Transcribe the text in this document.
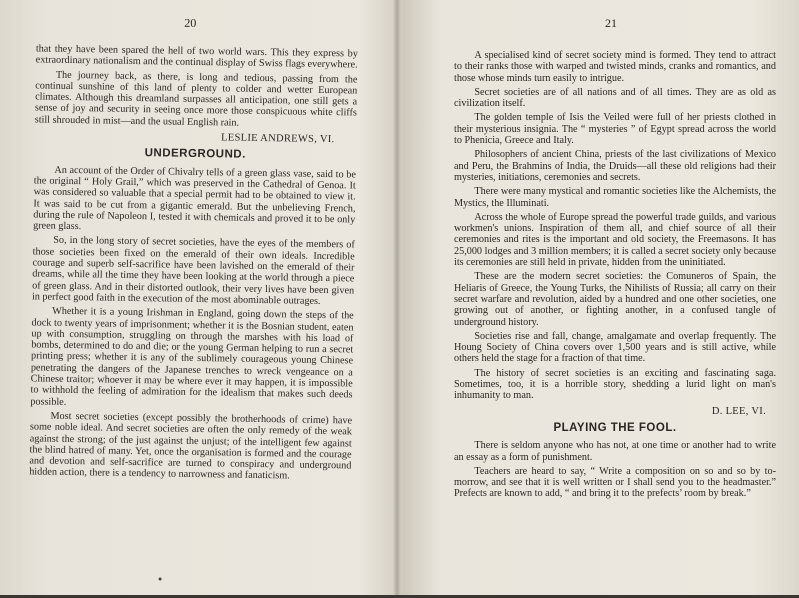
20

that they have been spared the hell of two world wars. This they express by extraordinary nationalism and the continual display of Swiss flags everywhere.

The journey back, as there, is long and tedious, passing from the continual sunshine of this land of plenty to colder and wetter European climates. Although this dreamland surpasses all anticipation, one still gets a sense of joy and security in seeing once more those conspicuous white cliffs still shrouded in mist—and the usual English rain.

LESLIE ANDREWS, VI.
UNDERGROUND.

An account of the Order of Chivalry tells of a green glass vase, said to be the original “ Holy Grail,” which was preserved in the Cathedral of Genoa. It was considered so valuable that a special permit had to be obtained to view it. It was said to be cut from a gigantic emerald. But the unbelieving French, during the rule of Napoleon I, tested it with chemicals and proved it to be only green glass.

So, in the long story of secret societies, have the eyes of the members of those societies been fixed on the emerald of their own ideals. Incredible courage and superb self-sacrifice have been lavished on the emerald of their dreams, while all the time they have been looking at the world through a piece of green glass. And in their distorted outlook, their very lives have been given in perfect good faith in the execution of the most abominable outrages.

Whether it is a young Irishman in England, going down the steps of the dock to twenty years of imprisonment; whether it is the Bosnian student, eaten up with consumption, struggling on through the marshes with his load of bombs, determined to do and die; or the young German helping to run a secret printing press; whether it is any of the sublimely courageous young Chinese penetrating the dangers of the Japanese trenches to wreck vengeance on a Chinese traitor; whoever it may be where ever it may happen, it is impossible to withhold the feeling of admiration for the idealism that makes such deeds possible.

Most secret societies (except possibly the brotherhoods of crime) have some noble ideal. And secret societies are often the only remedy of the weak against the strong; of the just against the unjust; of the intelligent few against the blind hatred of many. Yet, once the organisation is formed and the courage and devotion and self-sacrifice are turned to conspiracy and underground hidden action, there is a tendency to narrowness and fanaticism.

21

A specialised kind of secret society mind is formed. They tend to attract to their ranks those with warped and twisted minds, cranks and romantics, and those whose minds turn easily to intrigue.

Secret societies are of all nations and of all times. They are as old as civilization itself.

The golden temple of Isis the Veiled were full of her priests clothed in their mysterious insignia. The “ mysteries ” of Egypt spread across the world to Phenicia, Greece and Italy.

Philosophers of ancient China, priests of the last civilizations of Mexico and Peru, the Brahmins of India, the Druids—all these old religions had their mysteries, initiations, ceremonies and secrets.

There were many mystical and romantic societies like the Alchemists, the Mystics, the Illuminati.

Across the whole of Europe spread the powerful trade guilds, and various workmen's unions. Inspiration of them all, and chief source of all their ceremonies and rites is the important and old society, the Freemasons. It has 25,000 lodges and 3 million members; it is called a secret society only because its ceremonies are still held in private, hidden from the uninitiated.

These are the modern secret societies: the Comuneros of Spain, the Heliaris of Greece, the Young Turks, the Nihilists of Russia; all carry on their secret warfare and revolution, aided by a hundred and one other societies, one growing out of another, or fighting another, in a confused tangle of underground history.

Societies rise and fall, change, amalgamate and overlap frequently. The Houng Society of China covers over 1,500 years and is still active, while others held the stage for a fraction of that time.

The history of secret societies is an exciting and fascinating saga. Sometimes, too, it is a horrible story, shedding a lurid light on man's inhumanity to man.

D. LEE, VI.
PLAYING THE FOOL.

There is seldom anyone who has not, at one time or another had to write an essay as a form of punishment.

Teachers are heard to say, “ Write a composition on so and so by to-morrow, and see that it is well written or I shall send you to the headmaster.” Prefects are known to add, “ and bring it to the prefects’ room by break.”
